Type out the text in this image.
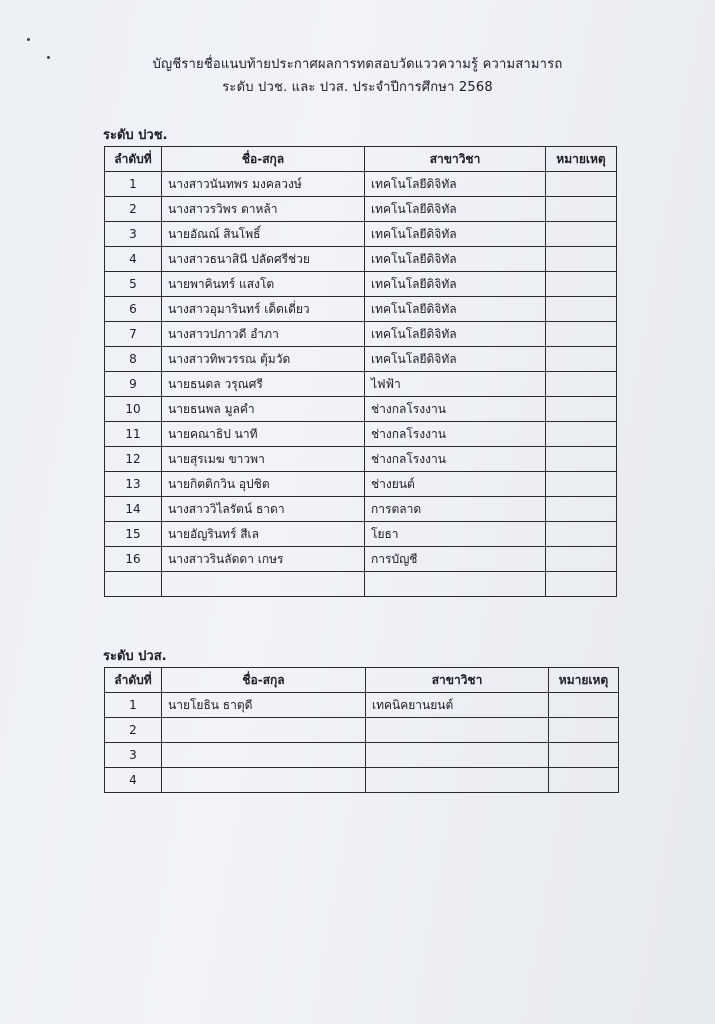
บัญชีรายชื่อแนบท้ายประกาศผลการทดสอบวัดแววความรู้ ความสามารถ
ระดับ ปวช. และ ปวส. ประจำปีการศึกษา 2568
ระดับ ปวช.
ลำดับที่	ชื่อ-สกุล	สาขาวิชา	หมายเหตุ
1	นางสาวนันทพร มงคลวงษ์	เทคโนโลยีดิจิทัล	
2	นางสาวรวิพร ตาหล้า	เทคโนโลยีดิจิทัล	
3	นายอัณณ์ สินโพธิ์	เทคโนโลยีดิจิทัล	
4	นางสาวธนาสินี ปลัดศรีช่วย	เทคโนโลยีดิจิทัล	
5	นายพาคินทร์ แสงโต	เทคโนโลยีดิจิทัล	
6	นางสาวอุมารินทร์ เด็ดเดี่ยว	เทคโนโลยีดิจิทัล	
7	นางสาวปภาวดี อำภา	เทคโนโลยีดิจิทัล	
8	นางสาวทิพวรรณ ตุ้มวัด	เทคโนโลยีดิจิทัล	
9	นายธนดล วรุณศรี	ไฟฟ้า	
10	นายธนพล มูลคำ	ช่างกลโรงงาน	
11	นายคณาธิป นาที	ช่างกลโรงงาน	
12	นายสุรเมฆ ขาวพา	ช่างกลโรงงาน	
13	นายกิตติกวิน อุปชิต	ช่างยนต์	
14	นางสาววิไลรัตน์ ธาดา	การตลาด	
15	นายอัญรินทร์ สีเล	โยธา	
16	นางสาวรินลัดดา เกษร	การบัญชี	

ระดับ ปวส.
ลำดับที่	ชื่อ-สกุล	สาขาวิชา	หมายเหตุ
1	นายโยธิน ธาตุดี	เทคนิคยานยนต์	
2			
3			
4			
